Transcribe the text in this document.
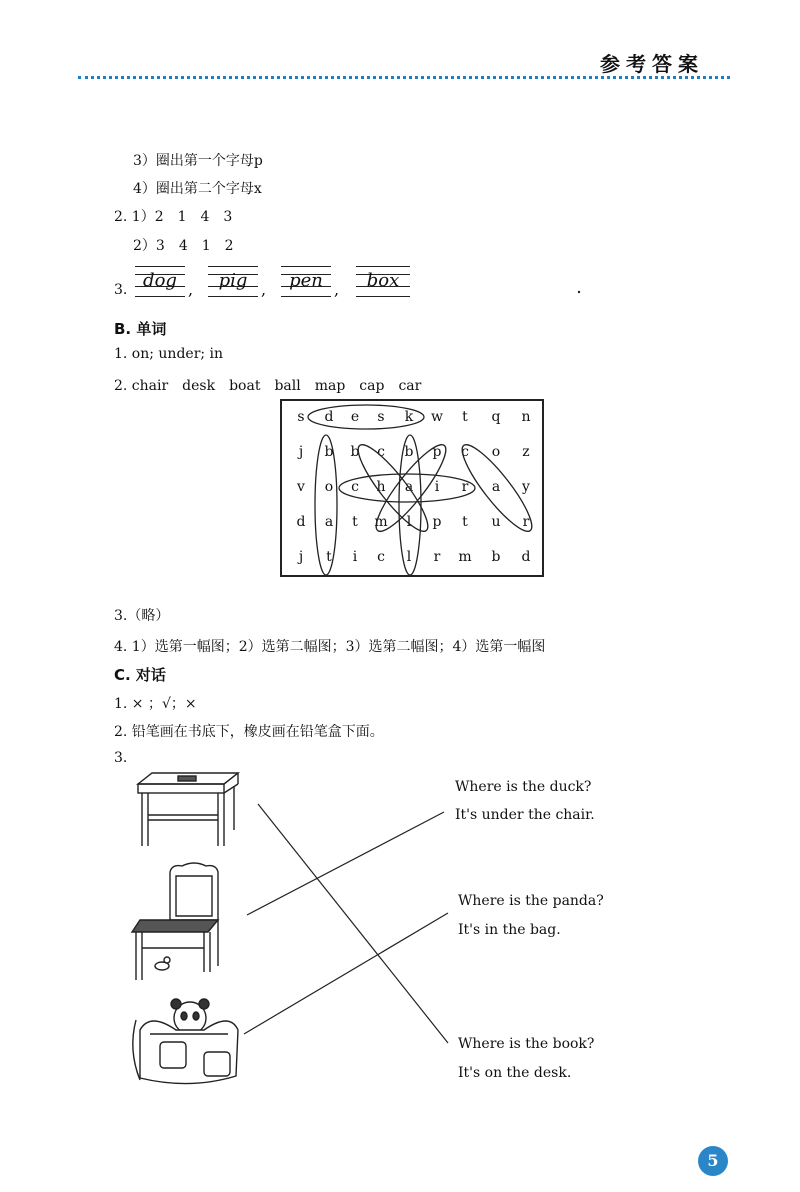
参考答案
3）圈出第一个字母p
4）圈出第二个字母x
2. 1）2　1　4　3
2）3　4　1　2
3. dog ,	pig ,	pen ,	box
B. 单词
1. on; under; in
2. chair　desk　boat　ball　map　cap　car
s	d	e	s	k	w	t	q	n
j	b	b	c	b	p	c	o	z
v	o	c	h	a	i	r	a	y
d	a	t	m	l	p	t	u	r
j	t	i	c	l	r	m	b	d
3.（略）
4. 1）选第一幅图；2）选第二幅图；3）选第二幅图；4）选第一幅图
C. 对话
1. × ；√；×
2. 铅笔画在书底下，橡皮画在铅笔盒下面。
3.
Where is the duck?
It's under the chair.
Where is the panda?
It's in the bag.
Where is the book?
It's on the desk.
5
